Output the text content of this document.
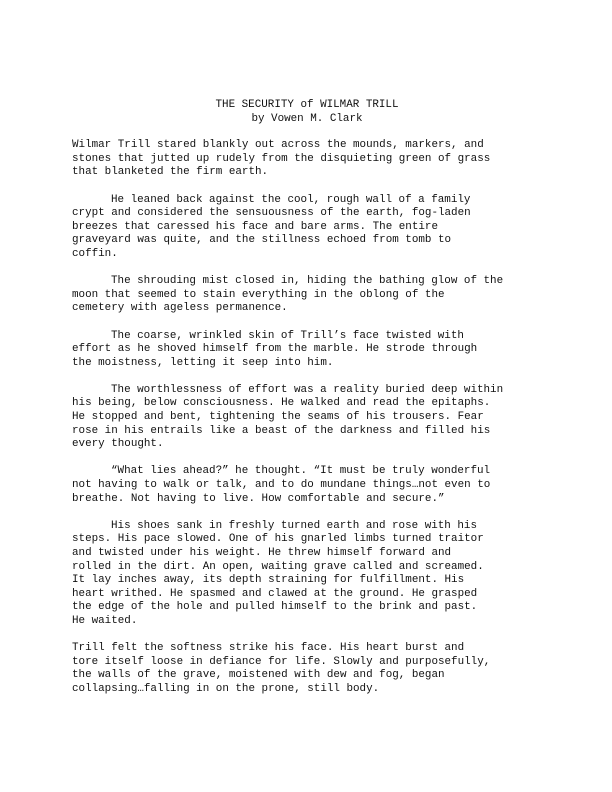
THE SECURITY of WILMAR TRILL
by Vowen M. Clark

Wilmar Trill stared blankly out across the mounds, markers, and
stones that jutted up rudely from the disquieting green of grass
that blanketed the firm earth.

He leaned back against the cool, rough wall of a family
crypt and considered the sensuousness of the earth, fog-laden
breezes that caressed his face and bare arms. The entire
graveyard was quite, and the stillness echoed from tomb to
coffin.

The shrouding mist closed in, hiding the bathing glow of the
moon that seemed to stain everything in the oblong of the
cemetery with ageless permanence.

The coarse, wrinkled skin of Trill’s face twisted with
effort as he shoved himself from the marble. He strode through
the moistness, letting it seep into him.

The worthlessness of effort was a reality buried deep within
his being, below consciousness. He walked and read the epitaphs.
He stopped and bent, tightening the seams of his trousers. Fear
rose in his entrails like a beast of the darkness and filled his
every thought.

“What lies ahead?” he thought. “It must be truly wonderful
not having to walk or talk, and to do mundane things…not even to
breathe. Not having to live. How comfortable and secure.”

His shoes sank in freshly turned earth and rose with his
steps. His pace slowed. One of his gnarled limbs turned traitor
and twisted under his weight. He threw himself forward and
rolled in the dirt. An open, waiting grave called and screamed.
It lay inches away, its depth straining for fulfillment. His
heart writhed. He spasmed and clawed at the ground. He grasped
the edge of the hole and pulled himself to the brink and past.
He waited.

Trill felt the softness strike his face. His heart burst and
tore itself loose in defiance for life. Slowly and purposefully,
the walls of the grave, moistened with dew and fog, began
collapsing…falling in on the prone, still body.
